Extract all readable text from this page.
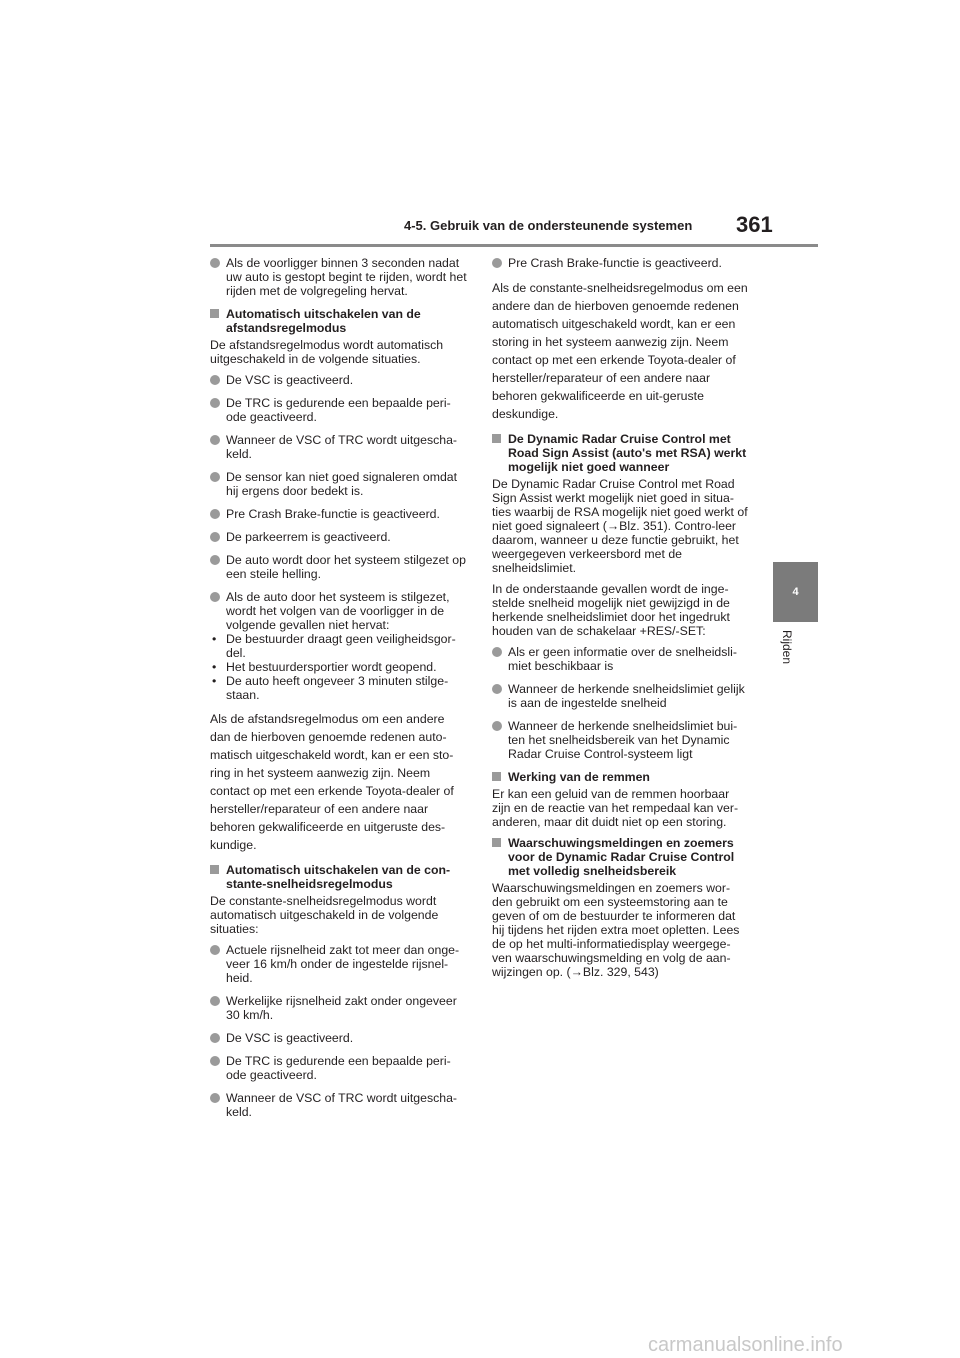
4-5. Gebruik van de ondersteunende systemen 361
4
Rijden
Als de voorligger binnen 3 seconden nadat uw auto is gestopt begint te rijden, wordt het rijden met de volgregeling hervat.
Automatisch uitschakelen van de afstandsregelmodus
De afstandsregelmodus wordt automatisch uitgeschakeld in de volgende situaties.
De VSC is geactiveerd.
De TRC is gedurende een bepaalde peri-ode geactiveerd.
Wanneer de VSC of TRC wordt uitgescha-keld.
De sensor kan niet goed signaleren omdat hij ergens door bedekt is.
Pre Crash Brake-functie is geactiveerd.
De parkeerrem is geactiveerd.
De auto wordt door het systeem stilgezet op een steile helling.
Als de auto door het systeem is stilgezet, wordt het volgen van de voorligger in de volgende gevallen niet hervat:
• De bestuurder draagt geen veiligheidsgor-del.
• Het bestuurdersportier wordt geopend.
• De auto heeft ongeveer 3 minuten stilge-staan.
Als de afstandsregelmodus om een andere dan de hierboven genoemde redenen auto-matisch uitgeschakeld wordt, kan er een sto-ring in het systeem aanwezig zijn. Neem contact op met een erkende Toyota-dealer of hersteller/reparateur of een andere naar behoren gekwalificeerde en uitgeruste des-kundige.
Automatisch uitschakelen van de con-stante-snelheidsregelmodus
De constante-snelheidsregelmodus wordt automatisch uitgeschakeld in de volgende situaties:
Actuele rijsnelheid zakt tot meer dan onge-veer 16 km/h onder de ingestelde rijsnel-heid.
Werkelijke rijsnelheid zakt onder ongeveer 30 km/h.
De VSC is geactiveerd.
De TRC is gedurende een bepaalde peri-ode geactiveerd.
Wanneer de VSC of TRC wordt uitgescha-keld.
Pre Crash Brake-functie is geactiveerd.
Als de constante-snelheidsregelmodus om een andere dan de hierboven genoemde redenen automatisch uitgeschakeld wordt, kan er een storing in het systeem aanwezig zijn. Neem contact op met een erkende Toyota-dealer of hersteller/reparateur of een andere naar behoren gekwalificeerde en uit-geruste deskundige.
De Dynamic Radar Cruise Control met Road Sign Assist (auto's met RSA) werkt mogelijk niet goed wanneer
De Dynamic Radar Cruise Control met Road Sign Assist werkt mogelijk niet goed in situa-ties waarbij de RSA mogelijk niet goed werkt of niet goed signaleert (→Blz. 351). Contro-leer daarom, wanneer u deze functie gebruikt, het weergegeven verkeersbord met de snelheidslimiet.
In de onderstaande gevallen wordt de inge-stelde snelheid mogelijk niet gewijzigd in de herkende snelheidslimiet door het ingedrukt houden van de schakelaar +RES/-SET:
Als er geen informatie over de snelheidsli-miet beschikbaar is
Wanneer de herkende snelheidslimiet gelijk is aan de ingestelde snelheid
Wanneer de herkende snelheidslimiet bui-ten het snelheidsbereik van het Dynamic Radar Cruise Control-systeem ligt
Werking van de remmen
Er kan een geluid van de remmen hoorbaar zijn en de reactie van het rempedaal kan ver-anderen, maar dit duidt niet op een storing.
Waarschuwingsmeldingen en zoemers voor de Dynamic Radar Cruise Control met volledig snelheidsbereik
Waarschuwingsmeldingen en zoemers wor-den gebruikt om een systeemstoring aan te geven of om de bestuurder te informeren dat hij tijdens het rijden extra moet opletten. Lees de op het multi-informatiedisplay weergege-ven waarschuwingsmelding en volg de aan-wijzingen op. (→Blz. 329, 543)
carmanualsonline.info
